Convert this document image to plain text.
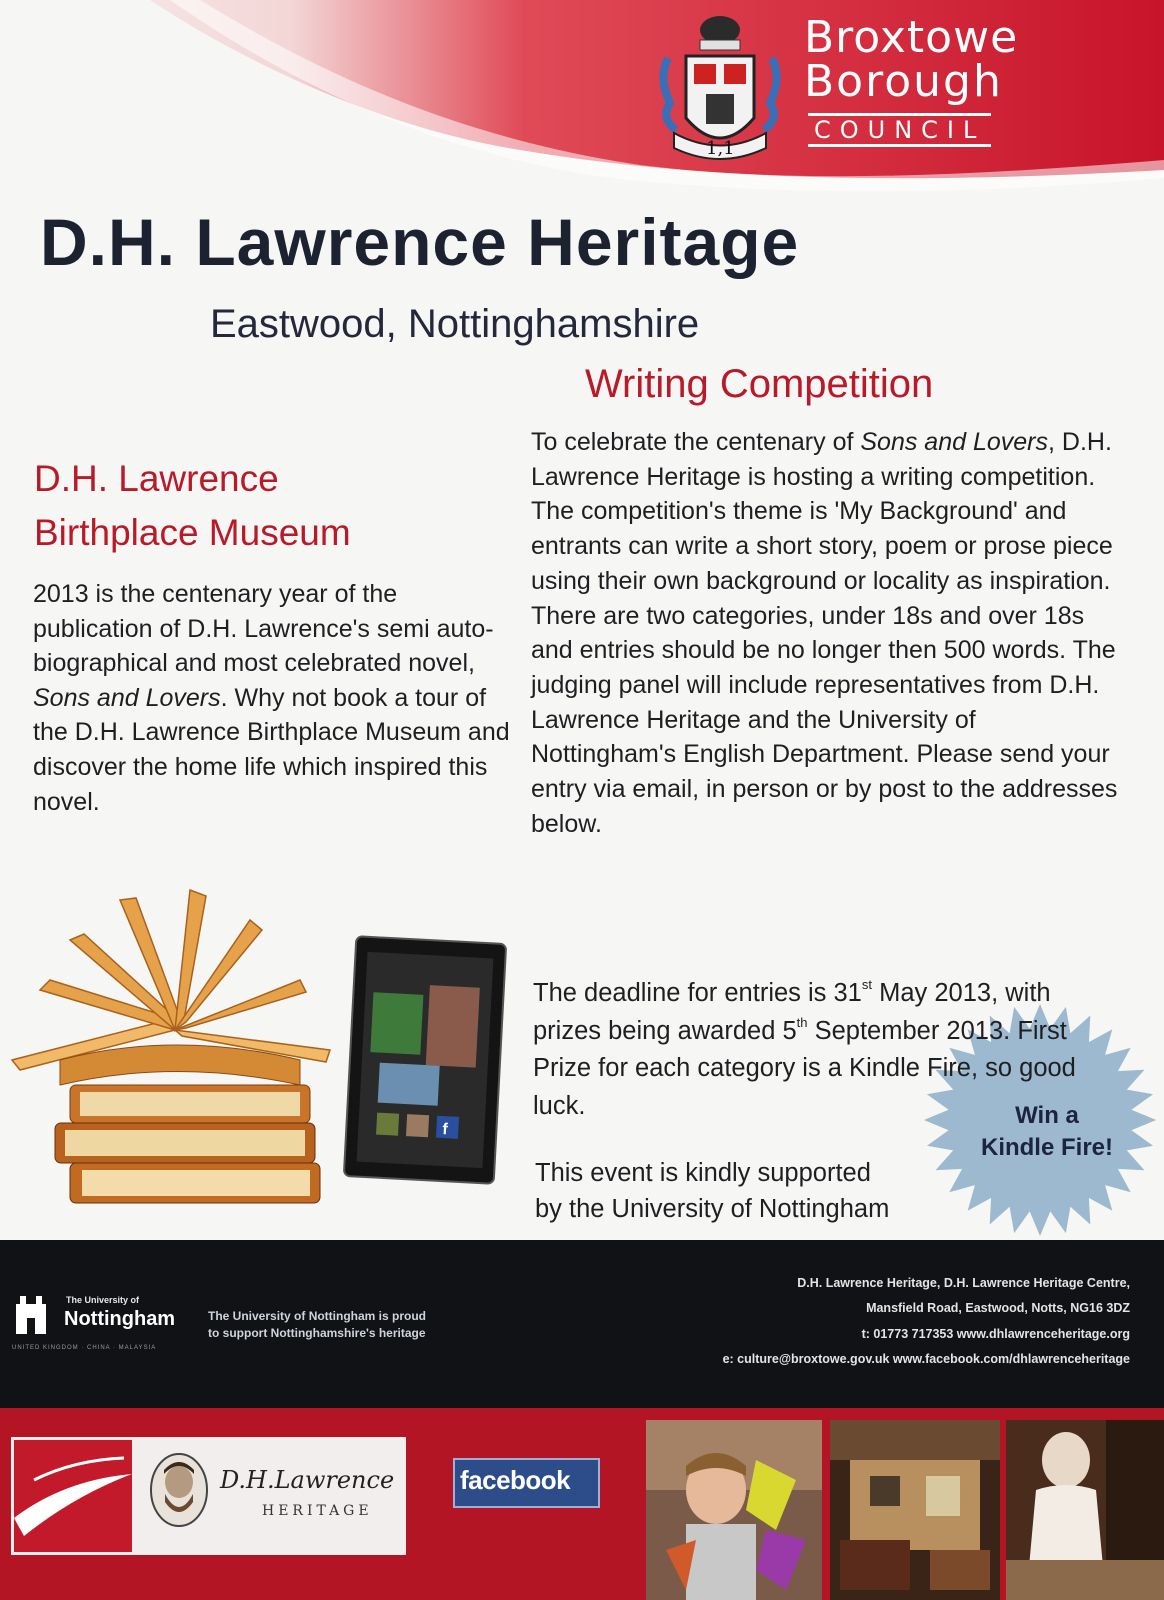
1,1
Broxtowe
Borough
COUNCIL
D.H. Lawrence Heritage
Eastwood, Nottinghamshire
Writing Competition
D.H. Lawrence
Birthplace Museum
2013 is the centenary year of the publication of D.H. Lawrence's semi auto-biographical and most celebrated novel, Sons and Lovers. Why not book a tour of the D.H. Lawrence Birthplace Museum and discover the home life which inspired this novel.
To celebrate the centenary of Sons and Lovers, D.H. Lawrence Heritage is hosting a writing competition. The competition's theme is 'My Background' and entrants can write a short story, poem or prose piece using their own background or locality as inspiration. There are two categories, under 18s and over 18s and entries should be no longer then 500 words. The judging panel will include representatives from D.H. Lawrence Heritage and the University of Nottingham's English Department. Please send your entry via email, in person or by post to the addresses below.
The deadline for entries is 31st May 2013, with prizes being awarded 5th September 2013. First Prize for each category is a Kindle Fire, so good luck.
This event is kindly supported
by the University of Nottingham
Win a
Kindle Fire!
f
The University of
Nottingham
UNITED KINGDOM · CHINA · MALAYSIA
The University of Nottingham is proud
to support Nottinghamshire's heritage
D.H. Lawrence Heritage, D.H. Lawrence Heritage Centre,
Mansfield Road, Eastwood, Notts, NG16 3DZ
t: 01773 717353 www.dhlawrenceheritage.org
e: culture@broxtowe.gov.uk www.facebook.com/dhlawrenceheritage
D.H.Lawrence
HERITAGE
facebook
